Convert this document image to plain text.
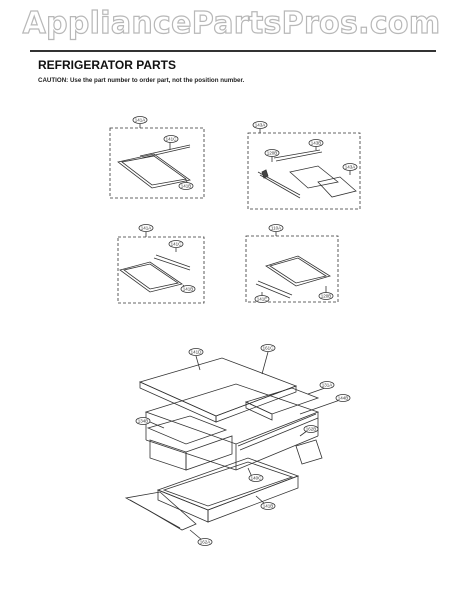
AppliancePartsPros.com
REFRIGERATOR PARTS
CAUTION: Use the part number to order part, not the position number.
141A
141C
141B
143A
120B
143B
143A
141A
141C
141B
110A
141E
120B
141D
161C
131A
144B
134B
162B
140C
141B
162A
